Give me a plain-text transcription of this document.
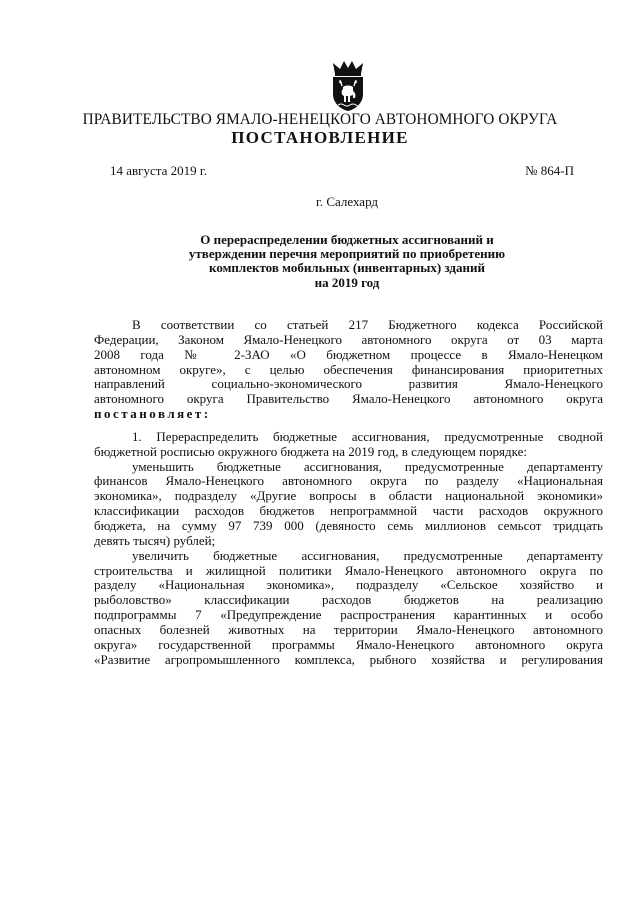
ПРАВИТЕЛЬСТВО ЯМАЛО-НЕНЕЦКОГО АВТОНОМНОГО ОКРУГА
ПОСТАНОВЛЕНИЕ
14 августа 2019 г.	№ 864-П
г. Салехард
О перераспределении бюджетных ассигнований и
утверждении перечня мероприятий по приобретению
комплектов мобильных (инвентарных) зданий
на 2019 год
В соответствии со статьей 217 Бюджетного кодекса Российской
Федерации, Законом Ямало-Ненецкого автономного округа от 03 марта
2008 года № 2-ЗАО «О бюджетном процессе в Ямало-Ненецком
автономном округе», с целью обеспечения финансирования приоритетных
направлений социально-экономического развития Ямало-Ненецкого
автономного округа Правительство Ямало-Ненецкого автономного округа
постановляет:
1. Перераспределить бюджетные ассигнования, предусмотренные сводной
бюджетной росписью окружного бюджета на 2019 год, в следующем порядке:
уменьшить бюджетные ассигнования, предусмотренные департаменту
финансов Ямало-Ненецкого автономного округа по разделу «Национальная
экономика», подразделу «Другие вопросы в области национальной экономики»
классификации расходов бюджетов непрограммной части расходов окружного
бюджета, на сумму 97 739 000 (девяносто семь миллионов семьсот тридцать
девять тысяч) рублей;
увеличить бюджетные ассигнования, предусмотренные департаменту
строительства и жилищной политики Ямало-Ненецкого автономного округа по
разделу «Национальная экономика», подразделу «Сельское хозяйство и
рыболовство» классификации расходов бюджетов на реализацию
подпрограммы 7 «Предупреждение распространения карантинных и особо
опасных болезней животных на территории Ямало-Ненецкого автономного
округа» государственной программы Ямало-Ненецкого автономного округа
«Развитие агропромышленного комплекса, рыбного хозяйства и регулирования
